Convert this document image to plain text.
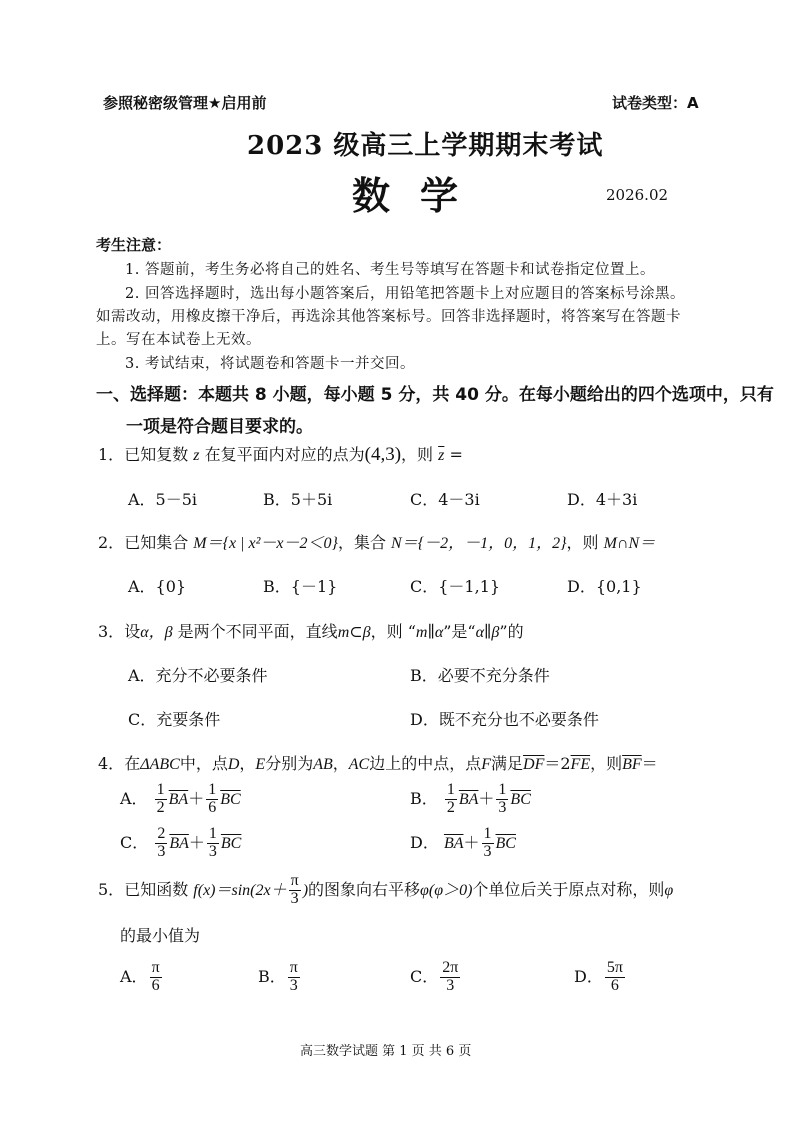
参照秘密级管理★启用前	试卷类型：A
2023 级高三上学期期末考试
数学	2026.02
考生注意：
1. 答题前，考生务必将自己的姓名、考生号等填写在答题卡和试卷指定位置上。
2. 回答选择题时，选出每小题答案后，用铅笔把答题卡上对应题目的答案标号涂黑。
如需改动，用橡皮擦干净后，再选涂其他答案标号。回答非选择题时，将答案写在答题卡
上。写在本试卷上无效。
3. 考试结束，将试题卷和答题卡一并交回。
一、选择题：本题共 8 小题，每小题 5 分，共 40 分。在每小题给出的四个选项中，只有
一项是符合题目要求的。
1．已知复数 z 在复平面内对应的点为(4,3)，则 $\overline{z}$ =
A．5－5i	B．5＋5i	C．4－3i	D．4＋3i
2．已知集合 M＝{x | x²－x－2＜0}，集合 N＝{－2，－1，0，1，2}，则 M∩N＝
A．{0}	B．{－1}	C．{－1,1}	D．{0,1}
3．设α，β 是两个不同平面，直线m⊂β，则 “m∥α”是“α∥β”的
A．充分不必要条件	B．必要不充分条件
C．充要条件	D．既不充分也不必要条件
4．在ΔABC中，点D，E分别为AB，AC边上的中点，点F满足$\overline{DF}=2\overline{FE}$，则$\overline{BF}=$
A． $\frac{1}{2} \overline{BA}+ \frac{1}{6} \overline{BC}$	B． $\frac{1}{2} \overline{BA}+ \frac{1}{3} \overline{BC}$
C． $\frac{2}{3} \overline{BA}+ \frac{1}{3} \overline{BC}$	D． $\overline{BA}+ \frac{1}{3} \overline{BC}$
5．已知函数 $f(x)=\sin(2x+ \frac{\pi}{3}$ )的图象向右平移φ(φ＞0)个单位后关于原点对称，则φ
的最小值为
A． $\frac{\pi}{6}$	B． $\frac{\pi}{3}$	C． $\frac{2\pi}{3}$	D． $\frac{5\pi}{6}$
高三数学试题 第 1 页 共 6 页
